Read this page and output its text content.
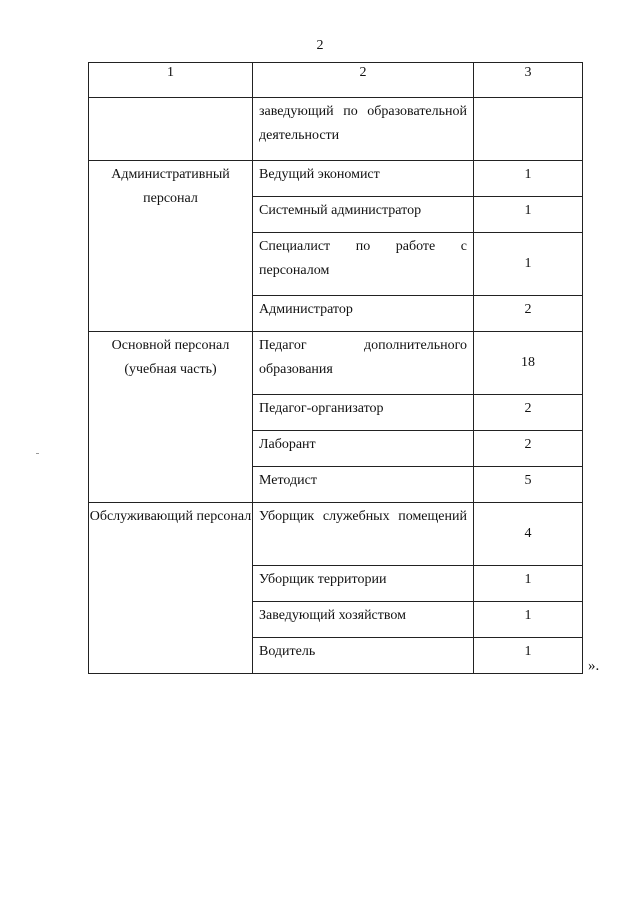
2
1	2	3

	заведующий по образовательной деятельности	
Административный персонал	Ведущий экономист	1
	Системный администратор	1
	Специалист по работе с персоналом	1
	Администратор	2
Основной персонал (учебная часть)	Педагог дополнительного образования	18
	Педагог-организатор	2
	Лаборант	2
	Методист	5
Обслуживающий персонал	Уборщик служебных помещений	4
	Уборщик территории	1
	Заведующий хозяйством	1
	Водитель	1
».
